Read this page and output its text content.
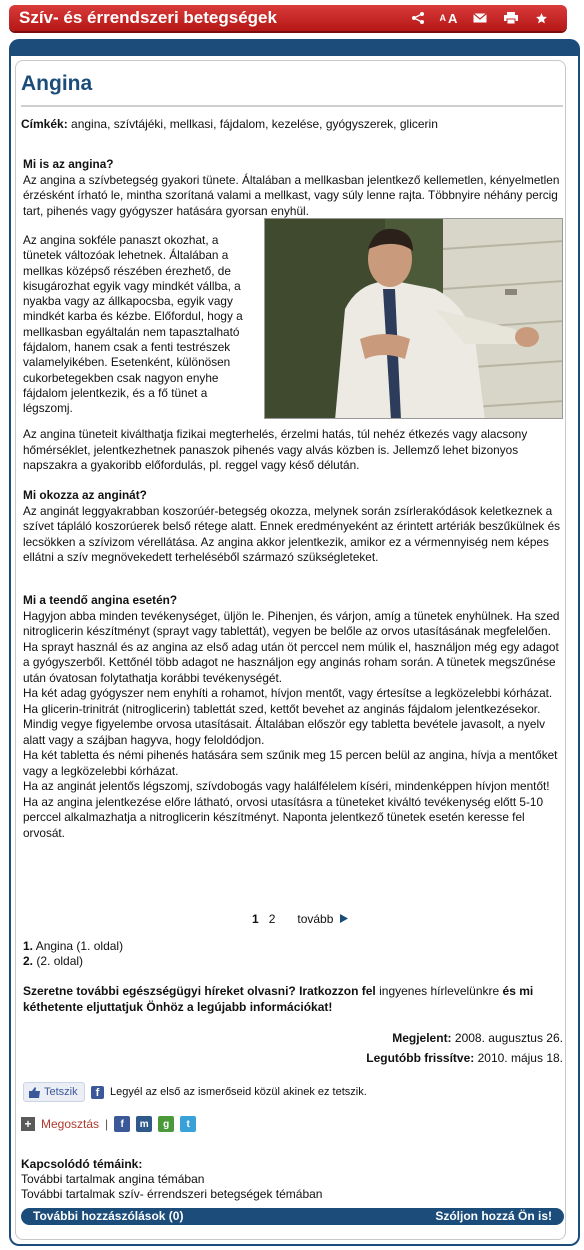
Szív- és érrendszeri betegségek	A A
Angina
Címkék: angina, szívtájéki, mellkasi, fájdalom, kezelése, gyógyszerek, glicerin

Mi is az angina?

Az angina a szívbetegség gyakori tünete. Általában a mellkasban jelentkező kellemetlen, kényelmetlen érzésként írható le, mintha szorítaná valami a mellkast, vagy súly lenne rajta. Többnyire néhány percig tart, pihenés vagy gyógyszer hatására gyorsan enyhül.

Az angina sokféle panaszt okozhat, a

tünetek változóak lehetnek. Általában a

mellkas középső részében érezhető, de

kisugározhat egyik vagy mindkét vállba, a

nyakba vagy az állkapocsba, egyik vagy

mindkét karba és kézbe. Előfordul, hogy a

mellkasban egyáltalán nem tapasztalható

fájdalom, hanem csak a fenti testrészek

valamelyikében. Esetenként, különösen

cukorbetegekben csak nagyon enyhe

fájdalom jelentkezik, és a fő tünet a

légszomj.

Az angina tüneteit kiválthatja fizikai megterhelés, érzelmi hatás, túl nehéz étkezés vagy alacsony hőmérséklet, jelentkezhetnek panaszok pihenés vagy alvás közben is. Jellemző lehet bizonyos napszakra a gyakoribb előfordulás, pl. reggel vagy késő délután.

Mi okozza az anginát?

Az anginát leggyakrabban koszorúér-betegség okozza, melynek során zsírlerakódások keletkeznek a szívet tápláló koszorúerek belső rétege alatt. Ennek eredményeként az érintett artériák beszűkülnek és lecsökken a szívizom vérellátása. Az angina akkor jelentkezik, amikor ez a vérmennyiség nem képes ellátni a szív megnövekedett terheléséből származó szükségleteket.

Mi a teendő angina esetén?

Hagyjon abba minden tevékenységet, üljön le. Pihenjen, és várjon, amíg a tünetek enyhülnek. Ha szed nitroglicerin készítményt (sprayt vagy tablettát), vegyen be belőle az orvos utasításának megfelelően.

Ha sprayt használ és az angina az első adag után öt perccel nem múlik el, használjon még egy adagot a gyógyszerből. Kettőnél több adagot ne használjon egy anginás roham során. A tünetek megszűnése után óvatosan folytathatja korábbi tevékenységét.

Ha két adag gyógyszer nem enyhíti a rohamot, hívjon mentőt, vagy értesítse a legközelebbi kórházat.

Ha glicerin-trinitrát (nitroglicerin) tablettát szed, kettőt bevehet az anginás fájdalom jelentkezésekor. Mindig vegye figyelembe orvosa utasításait. Általában először egy tabletta bevétele javasolt, a nyelv alatt vagy a szájban hagyva, hogy feloldódjon.

Ha két tabletta és némi pihenés hatására sem szűnik meg 15 percen belül az angina, hívja a mentőket vagy a legközelebbi kórházat.

Ha az anginát jelentős légszomj, szívdobogás vagy halálfélelem kíséri, mindenképpen hívjon mentőt!

Ha az angina jelentkezése előre látható, orvosi utasításra a tüneteket kiváltó tevékenység előtt 5-10 perccel alkalmazhatja a nitroglicerin készítményt. Naponta jelentkező tünetek esetén keresse fel orvosát.

1 2 tovább
1. Angina (1. oldal)
2. (2. oldal)
Szeretne további egészségügyi híreket olvasni? Iratkozzon fel ingyenes hírlevelünkre és mi kéthetente eljuttatjuk Önhöz a legújabb információkat!
Megjelent: 2008. augusztus 26.
Legutóbb frissítve: 2010. május 18.
Tetszik	f Legyél az első az ismerőseid közül akinek ez tetszik.
+ Megosztás |	f	m	g	t
Kapcsolódó témáink:
További tartalmak angina témában
További tartalmak szív- érrendszeri betegségek témában
További hozzászólások (0)	Szóljon hozzá Ön is!
